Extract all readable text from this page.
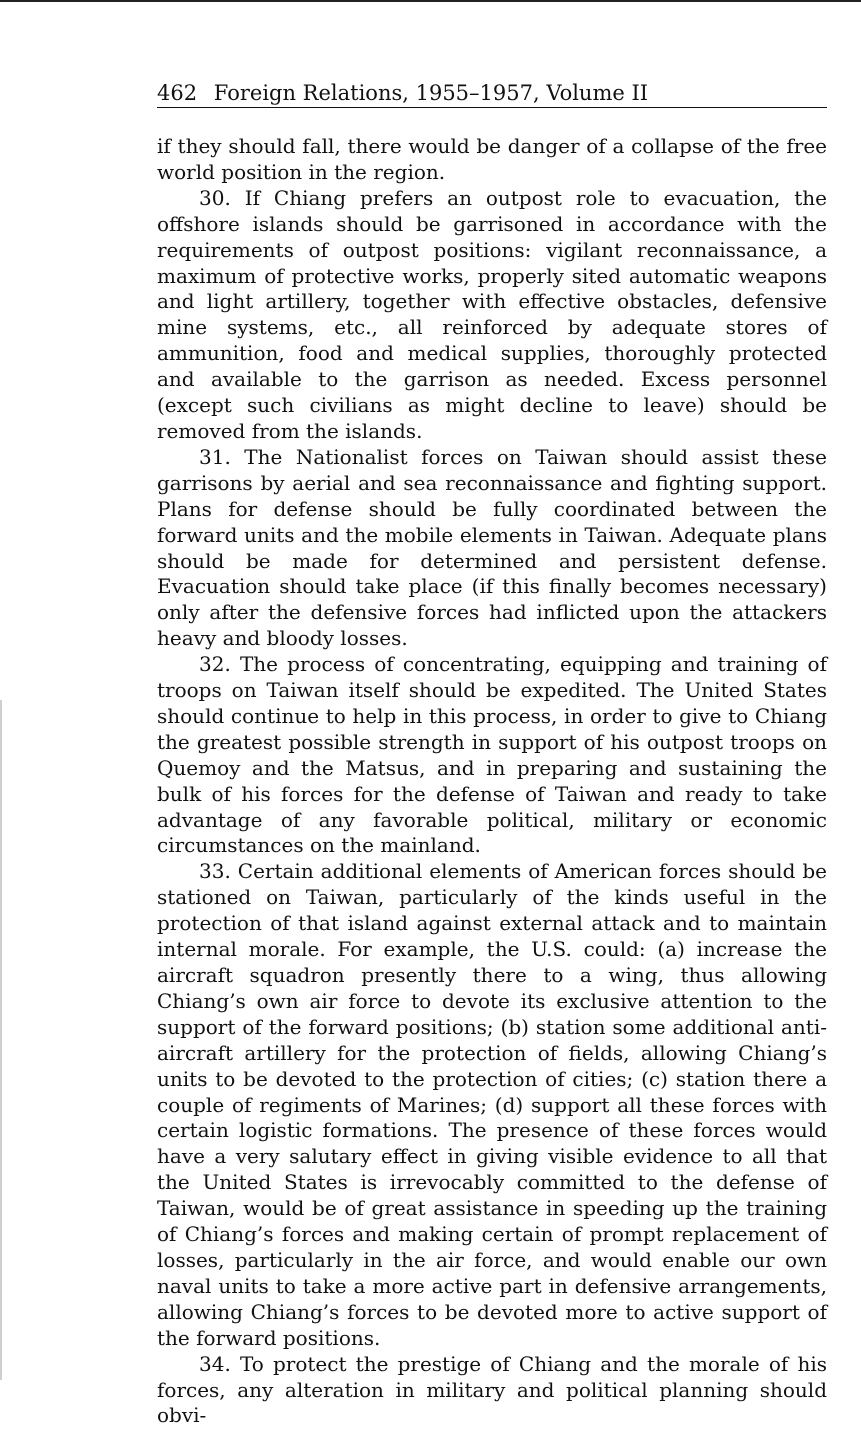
462 Foreign Relations, 1955–1957, Volume II

if they should fall, there would be danger of a collapse of the free world position in the region.

30. If Chiang prefers an outpost role to evacuation, the offshore islands should be garrisoned in accordance with the requirements of outpost positions: vigilant reconnaissance, a maximum of protective works, properly sited automatic weapons and light artillery, together with effective obstacles, defensive mine systems, etc., all reinforced by adequate stores of ammunition, food and medical supplies, thoroughly protected and available to the garrison as needed. Excess personnel (except such civilians as might decline to leave) should be removed from the islands.

31. The Nationalist forces on Taiwan should assist these garrisons by aerial and sea reconnaissance and fighting support. Plans for defense should be fully coordinated between the forward units and the mobile elements in Taiwan. Adequate plans should be made for determined and persistent defense. Evacuation should take place (if this finally becomes necessary) only after the defensive forces had inflicted upon the attackers heavy and bloody losses.

32. The process of concentrating, equipping and training of troops on Taiwan itself should be expedited. The United States should continue to help in this process, in order to give to Chiang the greatest possible strength in support of his outpost troops on Quemoy and the Matsus, and in preparing and sustaining the bulk of his forces for the defense of Taiwan and ready to take advantage of any favorable political, military or economic circumstances on the mainland.

33. Certain additional elements of American forces should be stationed on Taiwan, particularly of the kinds useful in the protection of that island against external attack and to maintain internal morale. For example, the U.S. could: (a) increase the aircraft squadron presently there to a wing, thus allowing Chiang’s own air force to devote its exclusive attention to the support of the forward positions; (b) station some additional anti-aircraft artillery for the protection of fields, allowing Chiang’s units to be devoted to the protection of cities; (c) station there a couple of regiments of Marines; (d) support all these forces with certain logistic formations. The presence of these forces would have a very salutary effect in giving visible evidence to all that the United States is irrevocably committed to the defense of Taiwan, would be of great assistance in speeding up the training of Chiang’s forces and making certain of prompt replacement of losses, particularly in the air force, and would enable our own naval units to take a more active part in defensive arrangements, allowing Chiang’s forces to be devoted more to active support of the forward positions.

34. To protect the prestige of Chiang and the morale of his forces, any alteration in military and political planning should obvi-
